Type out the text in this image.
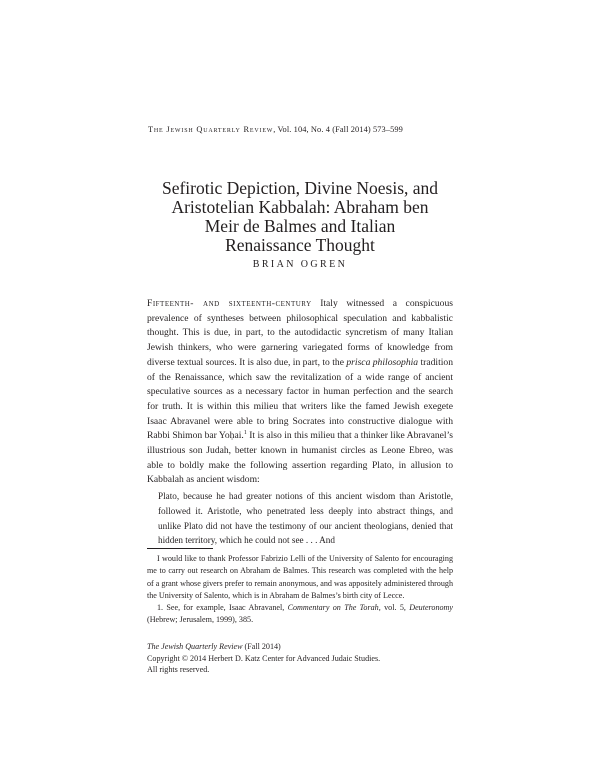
The Jewish Quarterly Review, Vol. 104, No. 4 (Fall 2014) 573–599
Sefirotic Depiction, Divine Noesis, and
Aristotelian Kabbalah: Abraham ben
Meir de Balmes and Italian
Renaissance Thought
BRIAN OGREN

Fifteenth- and sixteenth-century Italy witnessed a conspicuous prevalence of syntheses between philosophical speculation and kabbalistic thought. This is due, in part, to the autodidactic syncretism of many Italian Jewish thinkers, who were garnering variegated forms of knowledge from diverse textual sources. It is also due, in part, to the prisca philosophia tradition of the Renaissance, which saw the revitalization of a wide range of ancient speculative sources as a necessary factor in human perfection and the search for truth. It is within this milieu that writers like the famed Jewish exegete Isaac Abravanel were able to bring Socrates into constructive dialogue with Rabbi Shimon bar Yoḥai.$^1$ It is also in this milieu that a thinker like Abravanel’s illustrious son Judah, better known in humanist circles as Leone Ebreo, was able to boldly make the following assertion regarding Plato, in allusion to Kabbalah as ancient wisdom:

Plato, because he had greater notions of this ancient wisdom than Aristotle, followed it. Aristotle, who penetrated less deeply into abstract things, and unlike Plato did not have the testimony of our ancient theologians, denied that hidden territory, which he could not see . . . And

I would like to thank Professor Fabrizio Lelli of the University of Salento for encouraging me to carry out research on Abraham de Balmes. This research was completed with the help of a grant whose givers prefer to remain anonymous, and was appositely administered through the University of Salento, which is in Abraham de Balmes’s birth city of Lecce.

1. See, for example, Isaac Abravanel, Commentary on The Torah, vol. 5, Deuteronomy (Hebrew; Jerusalem, 1999), 385.

The Jewish Quarterly Review (Fall 2014)
Copyright © 2014 Herbert D. Katz Center for Advanced Judaic Studies.
All rights reserved.
